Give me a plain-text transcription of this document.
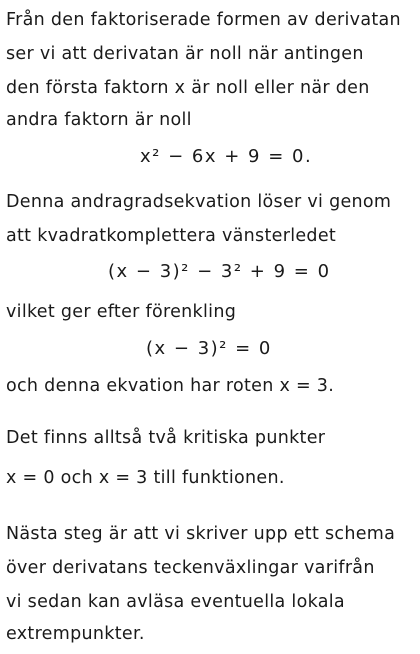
Från den faktoriserade formen av derivatan
ser vi att derivatan är noll när antingen
den första faktorn x är noll eller när den
andra faktorn är noll
x² − 6x + 9 = 0.
Denna andragradsekvation löser vi genom
att kvadratkomplettera vänsterledet
(x − 3)² − 3² + 9 = 0
vilket ger efter förenkling
(x − 3)² = 0
och denna ekvation har roten x = 3.
Det finns alltså två kritiska punkter
x = 0 och x = 3 till funktionen.
Nästa steg är att vi skriver upp ett schema
över derivatans teckenväxlingar varifrån
vi sedan kan avläsa eventuella lokala
extrempunkter.
